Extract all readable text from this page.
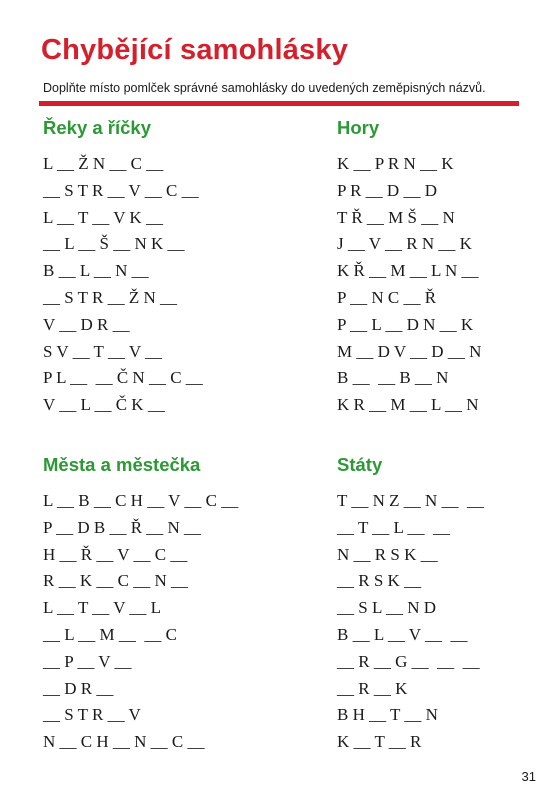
Chybějící samohlásky
Doplňte místo pomlček správné samohlásky do uvedených zeměpisných názvů.
Řeky a říčky
L __ Ž N __ C __
__ S T R __ V __ C __
L __ T __ V K __
__ L __ Š __ N K __
B __ L __ N __
__ S T R __ Ž N __
V __ D R __
S V __ T __ V __
P L __  __ Č N __ C __
V __ L __ Č K __
Hory
K __ P R N __ K
P R __ D __ D
T Ř __ M Š __ N
J __ V __ R N __ K
K Ř __ M __ L N __
P __ N C __ Ř
P __ L __ D N __ K
M __ D V __ D __ N
B __  __ B __ N
K R __ M __ L __ N
Města a městečka
L __ B __ C H __ V __ C __
P __ D B __ Ř __ N __
H __ Ř __ V __ C __
R __ K __ C __ N __
L __ T __ V __ L
__ L __ M __  __ C
__ P __ V __
__ D R __
__ S T R __ V
N __ C H __ N __ C __
Státy
T __ N Z __ N __  __
__ T __ L __  __
N __ R S K __
__ R S K __
__ S L __ N D
B __ L __ V __  __
__ R __ G __  __  __
__ R __ K
B H __ T __ N
K __ T __ R
31
